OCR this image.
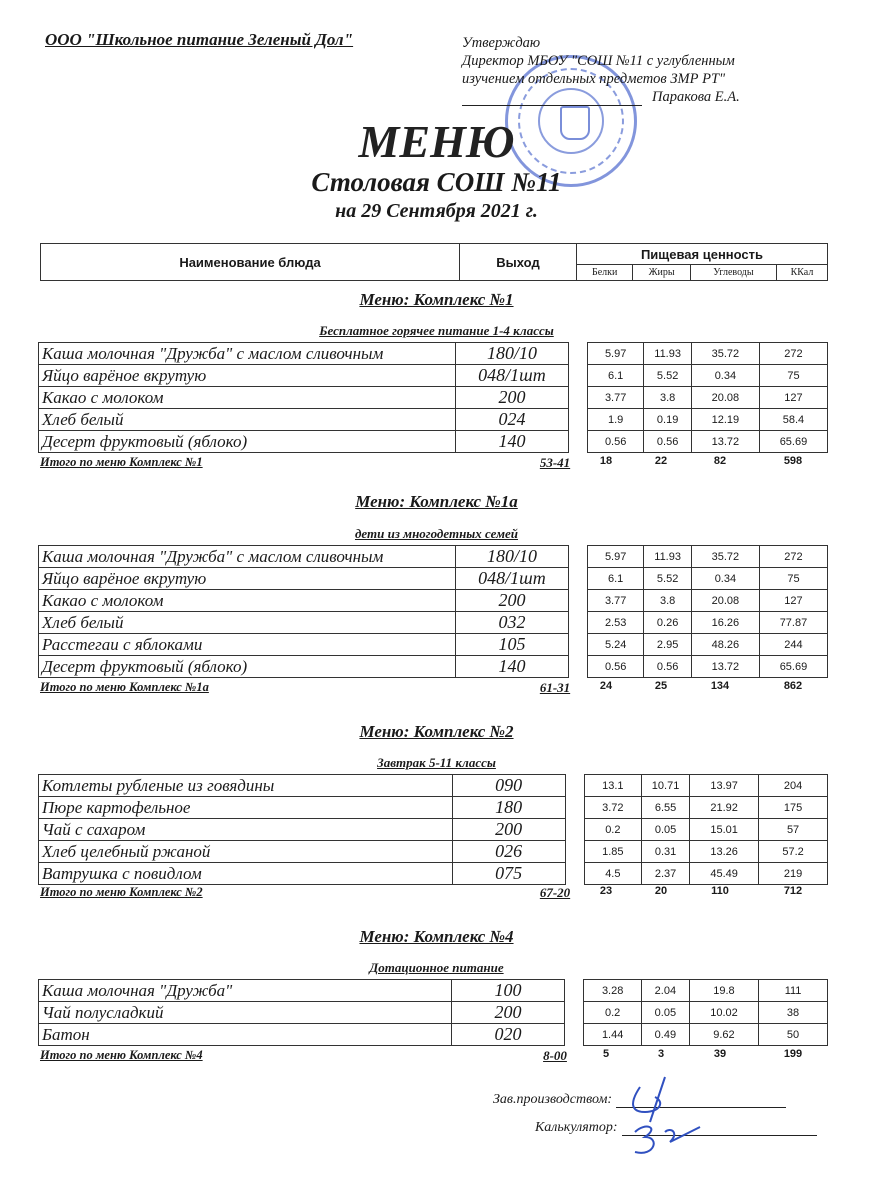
ООО "Школьное питание Зеленый Дол"	Утверждаю
Директор МБОУ "СОШ №11 с углубленным
изучением отдельных предметов ЗМР РТ"
Паракова Е.А.
МЕНЮ
Столовая СОШ №11
на 29 Сентября 2021 г.
Наименование блюда	Выход	Пищевая ценность			
		Белки	Жиры	Углеводы	ККал
Меню: Комплекс №1
Бесплатное горячее питание 1-4 классы
Каша молочная "Дружба" с маслом сливочным	180/10		5.97	11.93	35.72	272
Яйцо варёное вкрутую	048/1шт		6.1	5.52	0.34	75
Какао с молоком	200		3.77	3.8	20.08	127
Хлеб белый	024		1.9	0.19	12.19	58.4
Десерт фруктовый (яблоко)	140		0.56	0.56	13.72	65.69
Итого по меню Комплекс №1	53-41	18	22	82	598
Меню: Комплекс №1а
дети из многодетных семей
Каша молочная "Дружба" с маслом сливочным	180/10		5.97	11.93	35.72	272
Яйцо варёное вкрутую	048/1шт		6.1	5.52	0.34	75
Какао с молоком	200		3.77	3.8	20.08	127
Хлеб белый	032		2.53	0.26	16.26	77.87
Расстегаи с яблоками	105		5.24	2.95	48.26	244
Десерт фруктовый (яблоко)	140		0.56	0.56	13.72	65.69
Итого по меню Комплекс №1а	61-31	24	25	134	862
Меню: Комплекс №2
Завтрак 5-11 классы
Котлеты рубленые из говядины	090		13.1	10.71	13.97	204
Пюре картофельное	180		3.72	6.55	21.92	175
Чай с сахаром	200		0.2	0.05	15.01	57
Хлеб целебный ржаной	026		1.85	0.31	13.26	57.2
Ватрушка с повидлом	075		4.5	2.37	45.49	219
Итого по меню Комплекс №2	67-20	23	20	110	712
Меню: Комплекс №4
Дотационное питание
Каша молочная "Дружба"	100		3.28	2.04	19.8	111
Чай полусладкий	200		0.2	0.05	10.02	38
Батон	020		1.44	0.49	9.62	50
Итого по меню Комплекс №4	8-00	5	3	39	199
Зав.производством:
Калькулятор:
